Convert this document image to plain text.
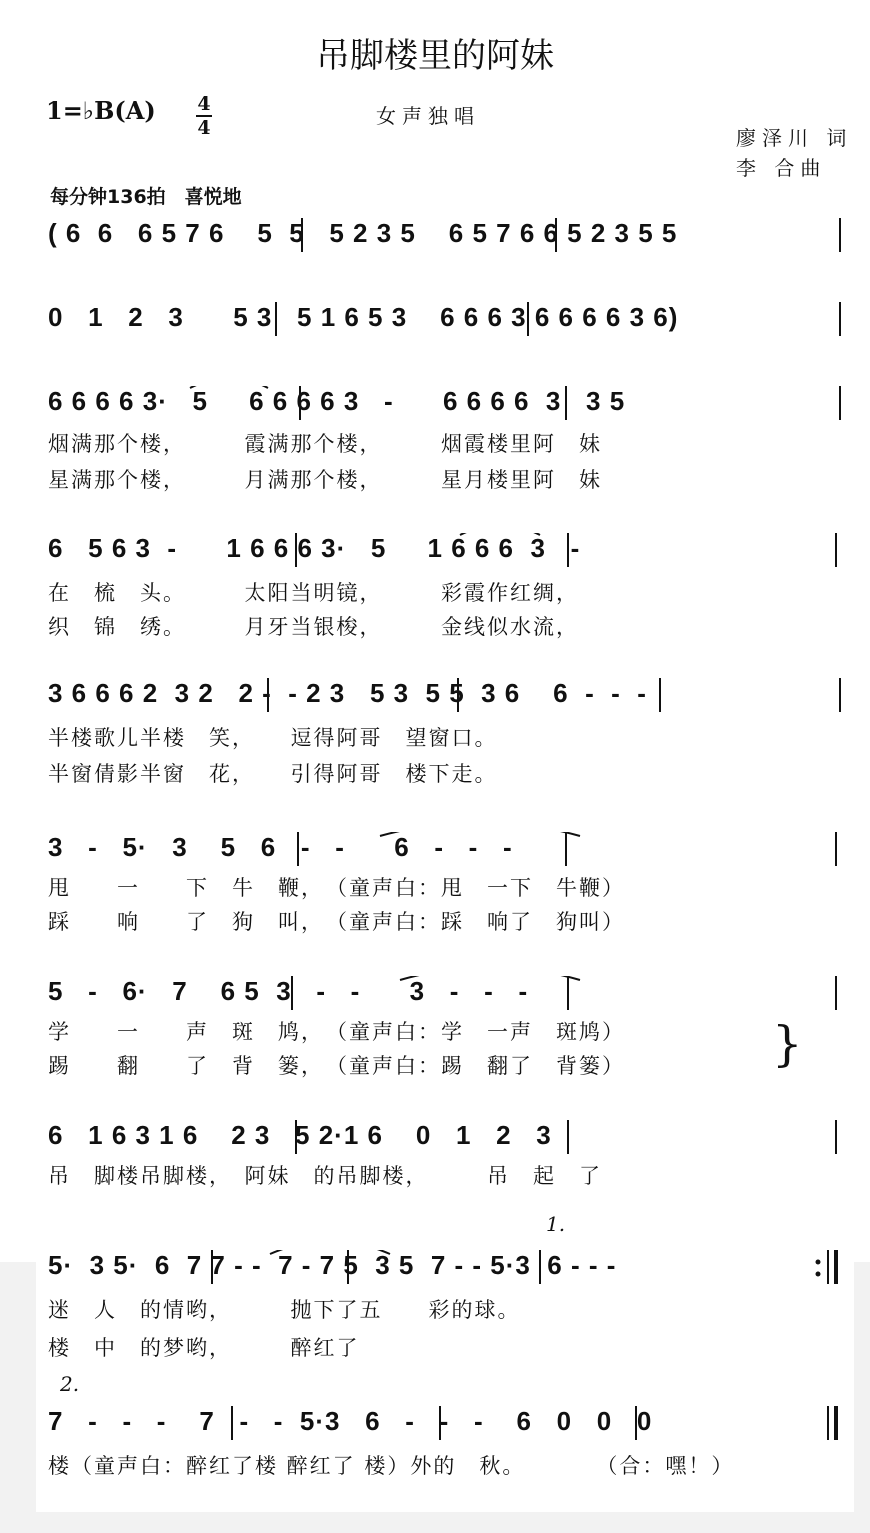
吊脚楼里的阿妹
1=♭B(A) 4
4	女声独唱
廖泽川 词
李 合曲
每分钟136拍　喜悦地
( 6  6   6 5 7 6    5  5   5 2 3 5    6 5 7 6 6 5 2 3 5 5
0   1   2   3      5 3   5 1 6 5 3    6 6 6 3 6 6 6 6 3 6)
6 6 6 6 3·   5     6 6 6 6 3   -      6 6 6 6  3   3 5
烟满那个楼，　　　霞满那个楼，　　　烟霞楼里阿　妹
星满那个楼，　　　月满那个楼，　　　星月楼里阿　妹
6   5 6 3  -      1 6 6 6 3·   5     1 6 6 6  3   -
在　梳　头。　　　太阳当明镜，　　　彩霞作红绸，
织　锦　绣。　　　月牙当银梭，　　　金线似水流，
3 6 6 6 2  3 2   2 -  - 2 3   5 3  5 5  3 6    6  -  -  -
半楼歌儿半楼　笑，　　逗得阿哥　望窗口。
半窗倩影半窗　花，　　引得阿哥　楼下走。
3   -   5·   3    5   6   -   -      6   -   -   -
甩　　一　　下　牛　鞭，　（童声白：甩　一下　牛鞭）
踩　　响　　了　狗　叫，　（童声白：踩　响了　狗叫）
5   -   6·   7    6 5  3   -   -      3   -   -   -
学　　一　　声　斑　鸠，　（童声白：学　一声　斑鸠）
踢　　翻　　了　背　篓，　（童声白：踢　翻了　背篓）	}
6   1 6 3 1 6    2 3   5 2·1 6    0   1   2   3
吊　脚楼吊脚楼，　阿妹　的吊脚楼，　　　吊　起　了
1.
5·  3 5·  6  7 7 - -  7 - 7 5  3 5  7 - - 5·3  6 - - -
迷　人　的情哟，　　　抛下了五　　彩的球。
楼　中　的梦哟，　　　醉红了
2.
7   -   -   -    7   -   -  5·3   6   -   -   -    6   0   0   0
楼（童声白：醉红了楼 醉红了 楼）外的　秋。　　　　（合：嘿！）
